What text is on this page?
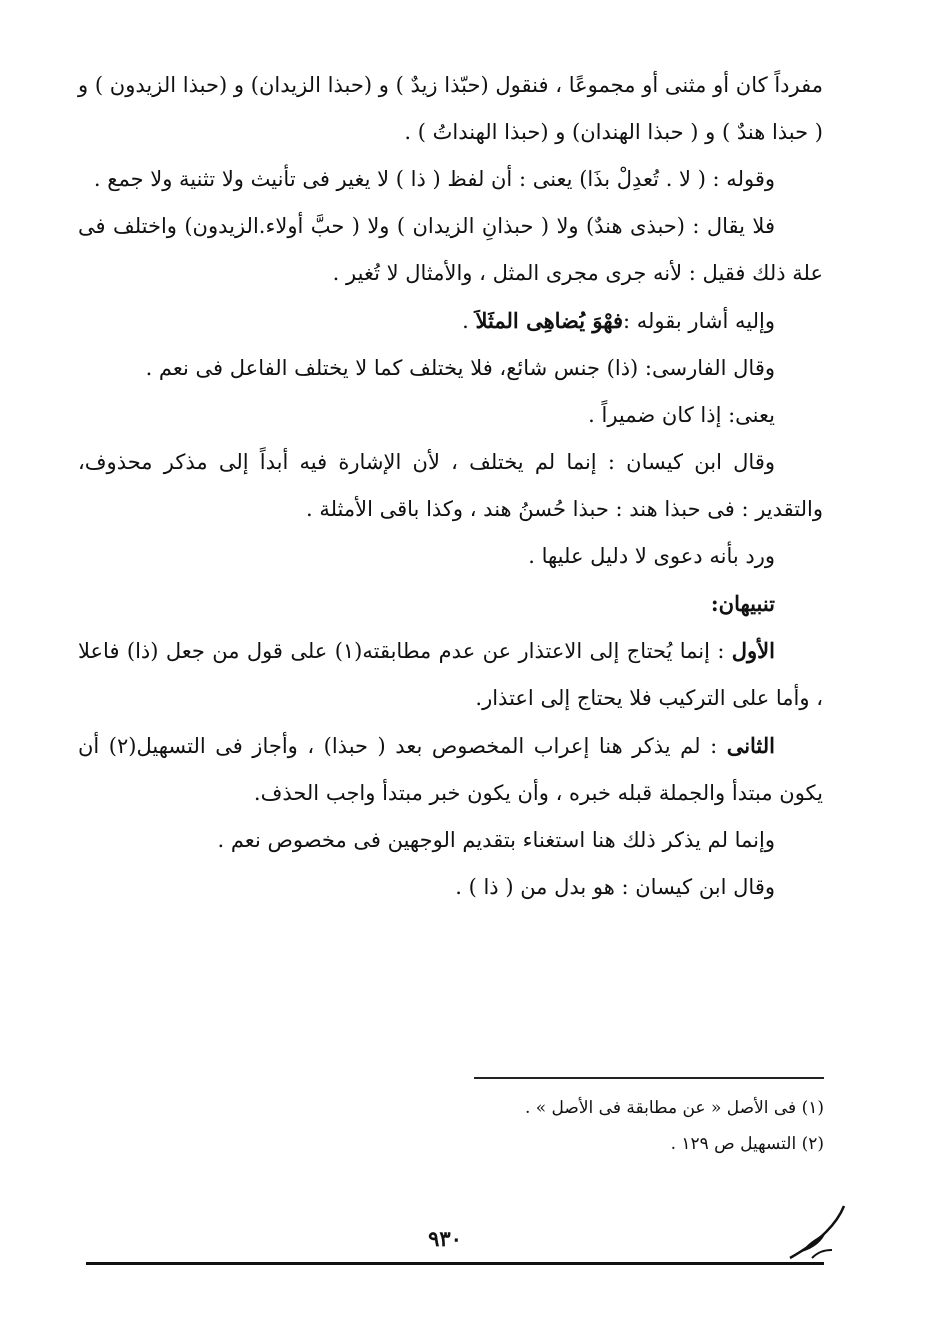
مفرداً كان أو مثنى أو مجموعًا ، فنقول (حبّذا زيدٌ ) و (حبذا الزيدان) و (حبذا الزيدون ) و ( حبذا هندٌ ) و ( حبذا الهندان) و (حبذا الهنداتُ ) .

وقوله : ( لا . تُعدِلْ بذَا) يعنى : أن لفظ ( ذا ) لا يغير فى تأنيث ولا تثنية ولا جمع .

فلا يقال : (حبذى هندٌ) ولا ( حبذانِ الزيدان ) ولا ( حبَّ أولاء.الزيدون) واختلف فى علة ذلك فقيل : لأنه جرى مجرى المثل ، والأمثال لا تُغير .

وإليه أشار بقوله :فهْوَ يُضاهِى المثَلاَ .

وقال الفارسى: (ذا) جنس شائع، فلا يختلف كما لا يختلف الفاعل فى نعم .

يعنى: إذا كان ضميراً .

وقال ابن كيسان : إنما لم يختلف ، لأن الإشارة فيه أبداً إلى مذكر محذوف، والتقدير : فى حبذا هند : حبذا حُسنُ هند ، وكذا باقى الأمثلة .

ورد بأنه دعوى لا دليل عليها .

تنبيهان:

الأول : إنما يُحتاج إلى الاعتذار عن عدم مطابقته(١) على قول من جعل (ذا) فاعلا ، وأما على التركيب فلا يحتاج إلى اعتذار.

الثانى : لم يذكر هنا إعراب المخصوص بعد ( حبذا) ، وأجاز فى التسهيل(٢) أن يكون مبتدأ والجملة قبله خبره ، وأن يكون خبر مبتدأ واجب الحذف.

وإنما لم يذكر ذلك هنا استغناء بتقديم الوجهين فى مخصوص نعم .

وقال ابن كيسان : هو بدل من ( ذا ) .

(١) فى الأصل « عن مطابقة فى الأصل » .

(٢) التسهيل ص ١٢٩ .

٩٣٠
